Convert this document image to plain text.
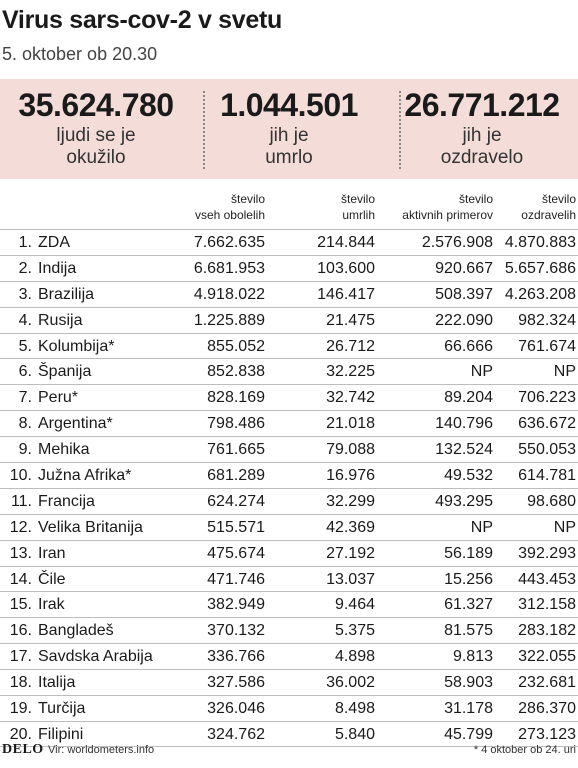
Virus sars-cov-2 v svetu
5. oktober ob 20.30
35.624.780
ljudi se je
okužilo
1.044.501
jih je
umrlo
26.771.212
jih je
ozdravelo
število
vseh obolelih
število
umrlih
število
aktivnih primerov
število
ozdravelih
1. ZDA	7.662.635	214.844	2.576.908 4.870.883
2. Indija	6.681.953	103.600	920.667 5.657.686
3. Brazilija	4.918.022	146.417	508.397 4.263.208
4. Rusija	1.225.889	21.475	222.090 982.324
5. Kolumbija*	855.052	26.712	66.666 761.674
6. Španija	852.838	32.225	NP	NP
7. Peru*	828.169	32.742	89.204 706.223
8. Argentina*	798.486	21.018	140.796 636.672
9. Mehika	761.665	79.088	132.524 550.053
10. Južna Afrika*	681.289	16.976	49.532 614.781
11. Francija	624.274	32.299	493.295 98.680
12. Velika Britanija	515.571	42.369	NP	NP
13. Iran	475.674	27.192	56.189 392.293
14. Čile	471.746	13.037	15.256 443.453
15. Irak	382.949	9.464	61.327 312.158
16. Bangladeš	370.132	5.375	81.575 283.182
17. Savdska Arabija	336.766	4.898	9.813 322.055
18. Italija	327.586	36.002	58.903 232.681
19. Turčija	326.046	8.498	31.178 286.370
20. Filipini	324.762	5.840	45.799 273.123
DELO Vir: worldometers.info	* 4 oktober ob 24. uri
